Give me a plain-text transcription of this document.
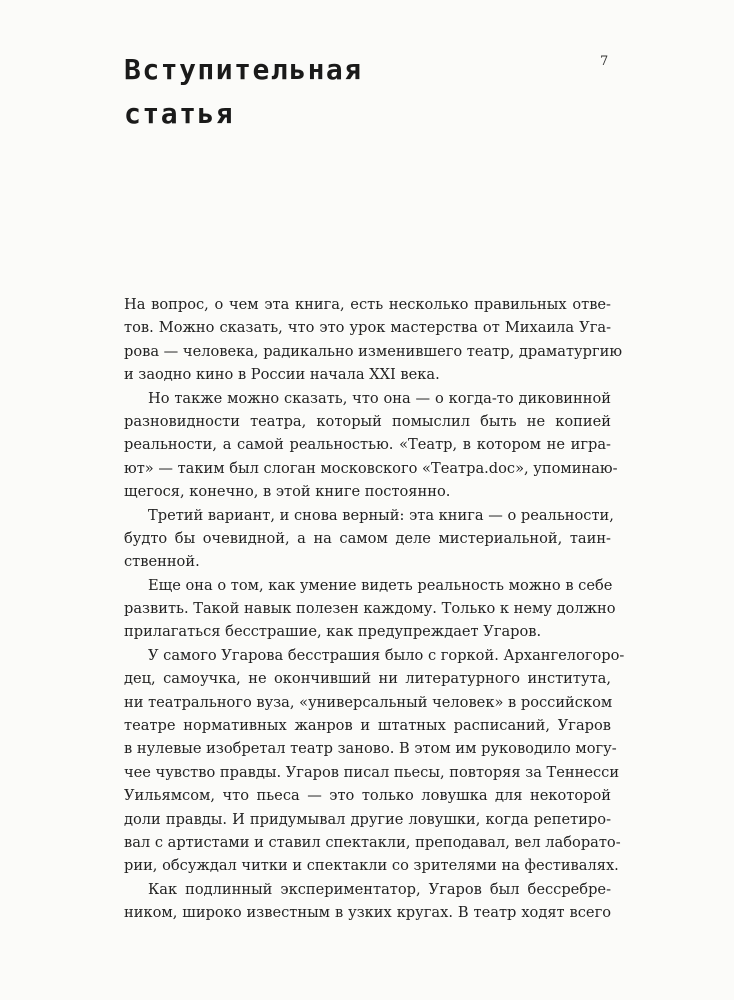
Вступительная
статья
7
На вопрос, о чем эта книга, есть несколько правильных отве-
тов. Можно сказать, что это урок мастерства от Михаила Уга-
рова — человека, радикально изменившего театр, драматургию
и заодно кино в России начала XXI века.
Но также можно сказать, что она — о когда-то диковинной
разновидности театра, который помыслил быть не копией
реальности, а самой реальностью. «Театр, в котором не игра-
ют» — таким был слоган московского «Театра.doc», упоминаю-
щегося, конечно, в этой книге постоянно.
Третий вариант, и снова верный: эта книга — о реальности,
будто бы очевидной, а на самом деле мистериальной, таин-
ственной.
Еще она о том, как умение видеть реальность можно в себе
развить. Такой навык полезен каждому. Только к нему должно
прилагаться бесстрашие, как предупреждает Угаров.
У самого Угарова бесстрашия было с горкой. Архангелогоро-
дец, самоучка, не окончивший ни литературного института,
ни театрального вуза, «универсальный человек» в российском
театре нормативных жанров и штатных расписаний, Угаров
в нулевые изобретал театр заново. В этом им руководило могу-
чее чувство правды. Угаров писал пьесы, повторяя за Теннесси
Уильямсом, что пьеса — это только ловушка для некоторой
доли правды. И придумывал другие ловушки, когда репетиро-
вал с артистами и ставил спектакли, преподавал, вел лаборато-
рии, обсуждал читки и спектакли со зрителями на фестивалях.
Как подлинный экспериментатор, Угаров был бессребре-
ником, широко известным в узких кругах. В театр ходят всего
